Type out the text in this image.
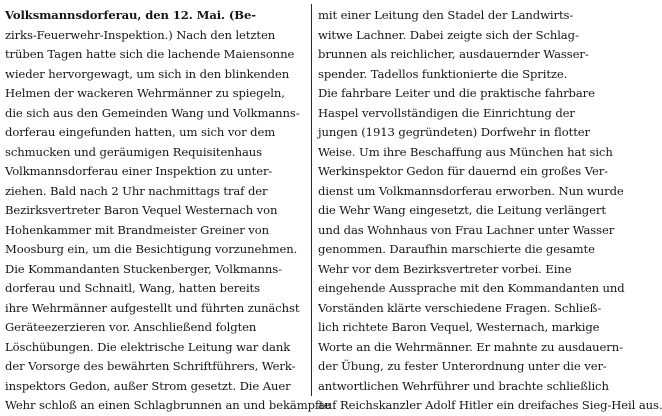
Volksmannsdorferau, den 12. Mai. (Be-
zirks-Feuerwehr-Inspektion.) Nach den letzten
trüben Tagen hatte sich die lachende Maiensonne
wieder hervorgewagt, um sich in den blinkenden
Helmen der wackeren Wehrmänner zu spiegeln,
die sich aus den Gemeinden Wang und Volkmanns-
dorferau eingefunden hatten, um sich vor dem
schmucken und geräumigen Requisitenhaus
Volkmannsdorferau einer Inspektion zu unter-
ziehen. Bald nach 2 Uhr nachmittags traf der
Bezirksvertreter Baron Vequel Westernach von
Hohenkammer mit Brandmeister Greiner von
Moosburg ein, um die Besichtigung vorzunehmen.
Die Kommandanten Stuckenberger, Volkmanns-
dorferau und Schnaitl, Wang, hatten bereits
ihre Wehrmänner aufgestellt und führten zunächst
Geräteezerzieren vor. Anschließend folgten
Löschübungen. Die elektrische Leitung war dank
der Vorsorge des bewährten Schriftführers, Werk-
inspektors Gedon, außer Strom gesetzt. Die Auer
Wehr schloß an einen Schlagbrunnen an und bekämpfte
mit einer Leitung den Stadel der Landwirts-
witwe Lachner. Dabei zeigte sich der Schlag-
brunnen als reichlicher, ausdauernder Wasser-
spender. Tadellos funktionierte die Spritze.
Die fahrbare Leiter und die praktische fahrbare
Haspel vervollständigen die Einrichtung der
jungen (1913 gegründeten) Dorfwehr in flotter
Weise. Um ihre Beschaffung aus München hat sich
Werkinspektor Gedon für dauernd ein großes Ver-
dienst um Volkmannsdorferau erworben. Nun wurde
die Wehr Wang eingesetzt, die Leitung verlängert
und das Wohnhaus von Frau Lachner unter Wasser
genommen. Daraufhin marschierte die gesamte
Wehr vor dem Bezirksvertreter vorbei. Eine
eingehende Aussprache mit den Kommandanten und
Vorständen klärte verschiedene Fragen. Schließ-
lich richtete Baron Vequel, Westernach, markige
Worte an die Wehrmänner. Er mahnte zu ausdauern-
der Übung, zu fester Unterordnung unter die ver-
antwortlichen Wehrführer und brachte schließlich
auf Reichskanzler Adolf Hitler ein dreifaches Sieg-Heil aus.
